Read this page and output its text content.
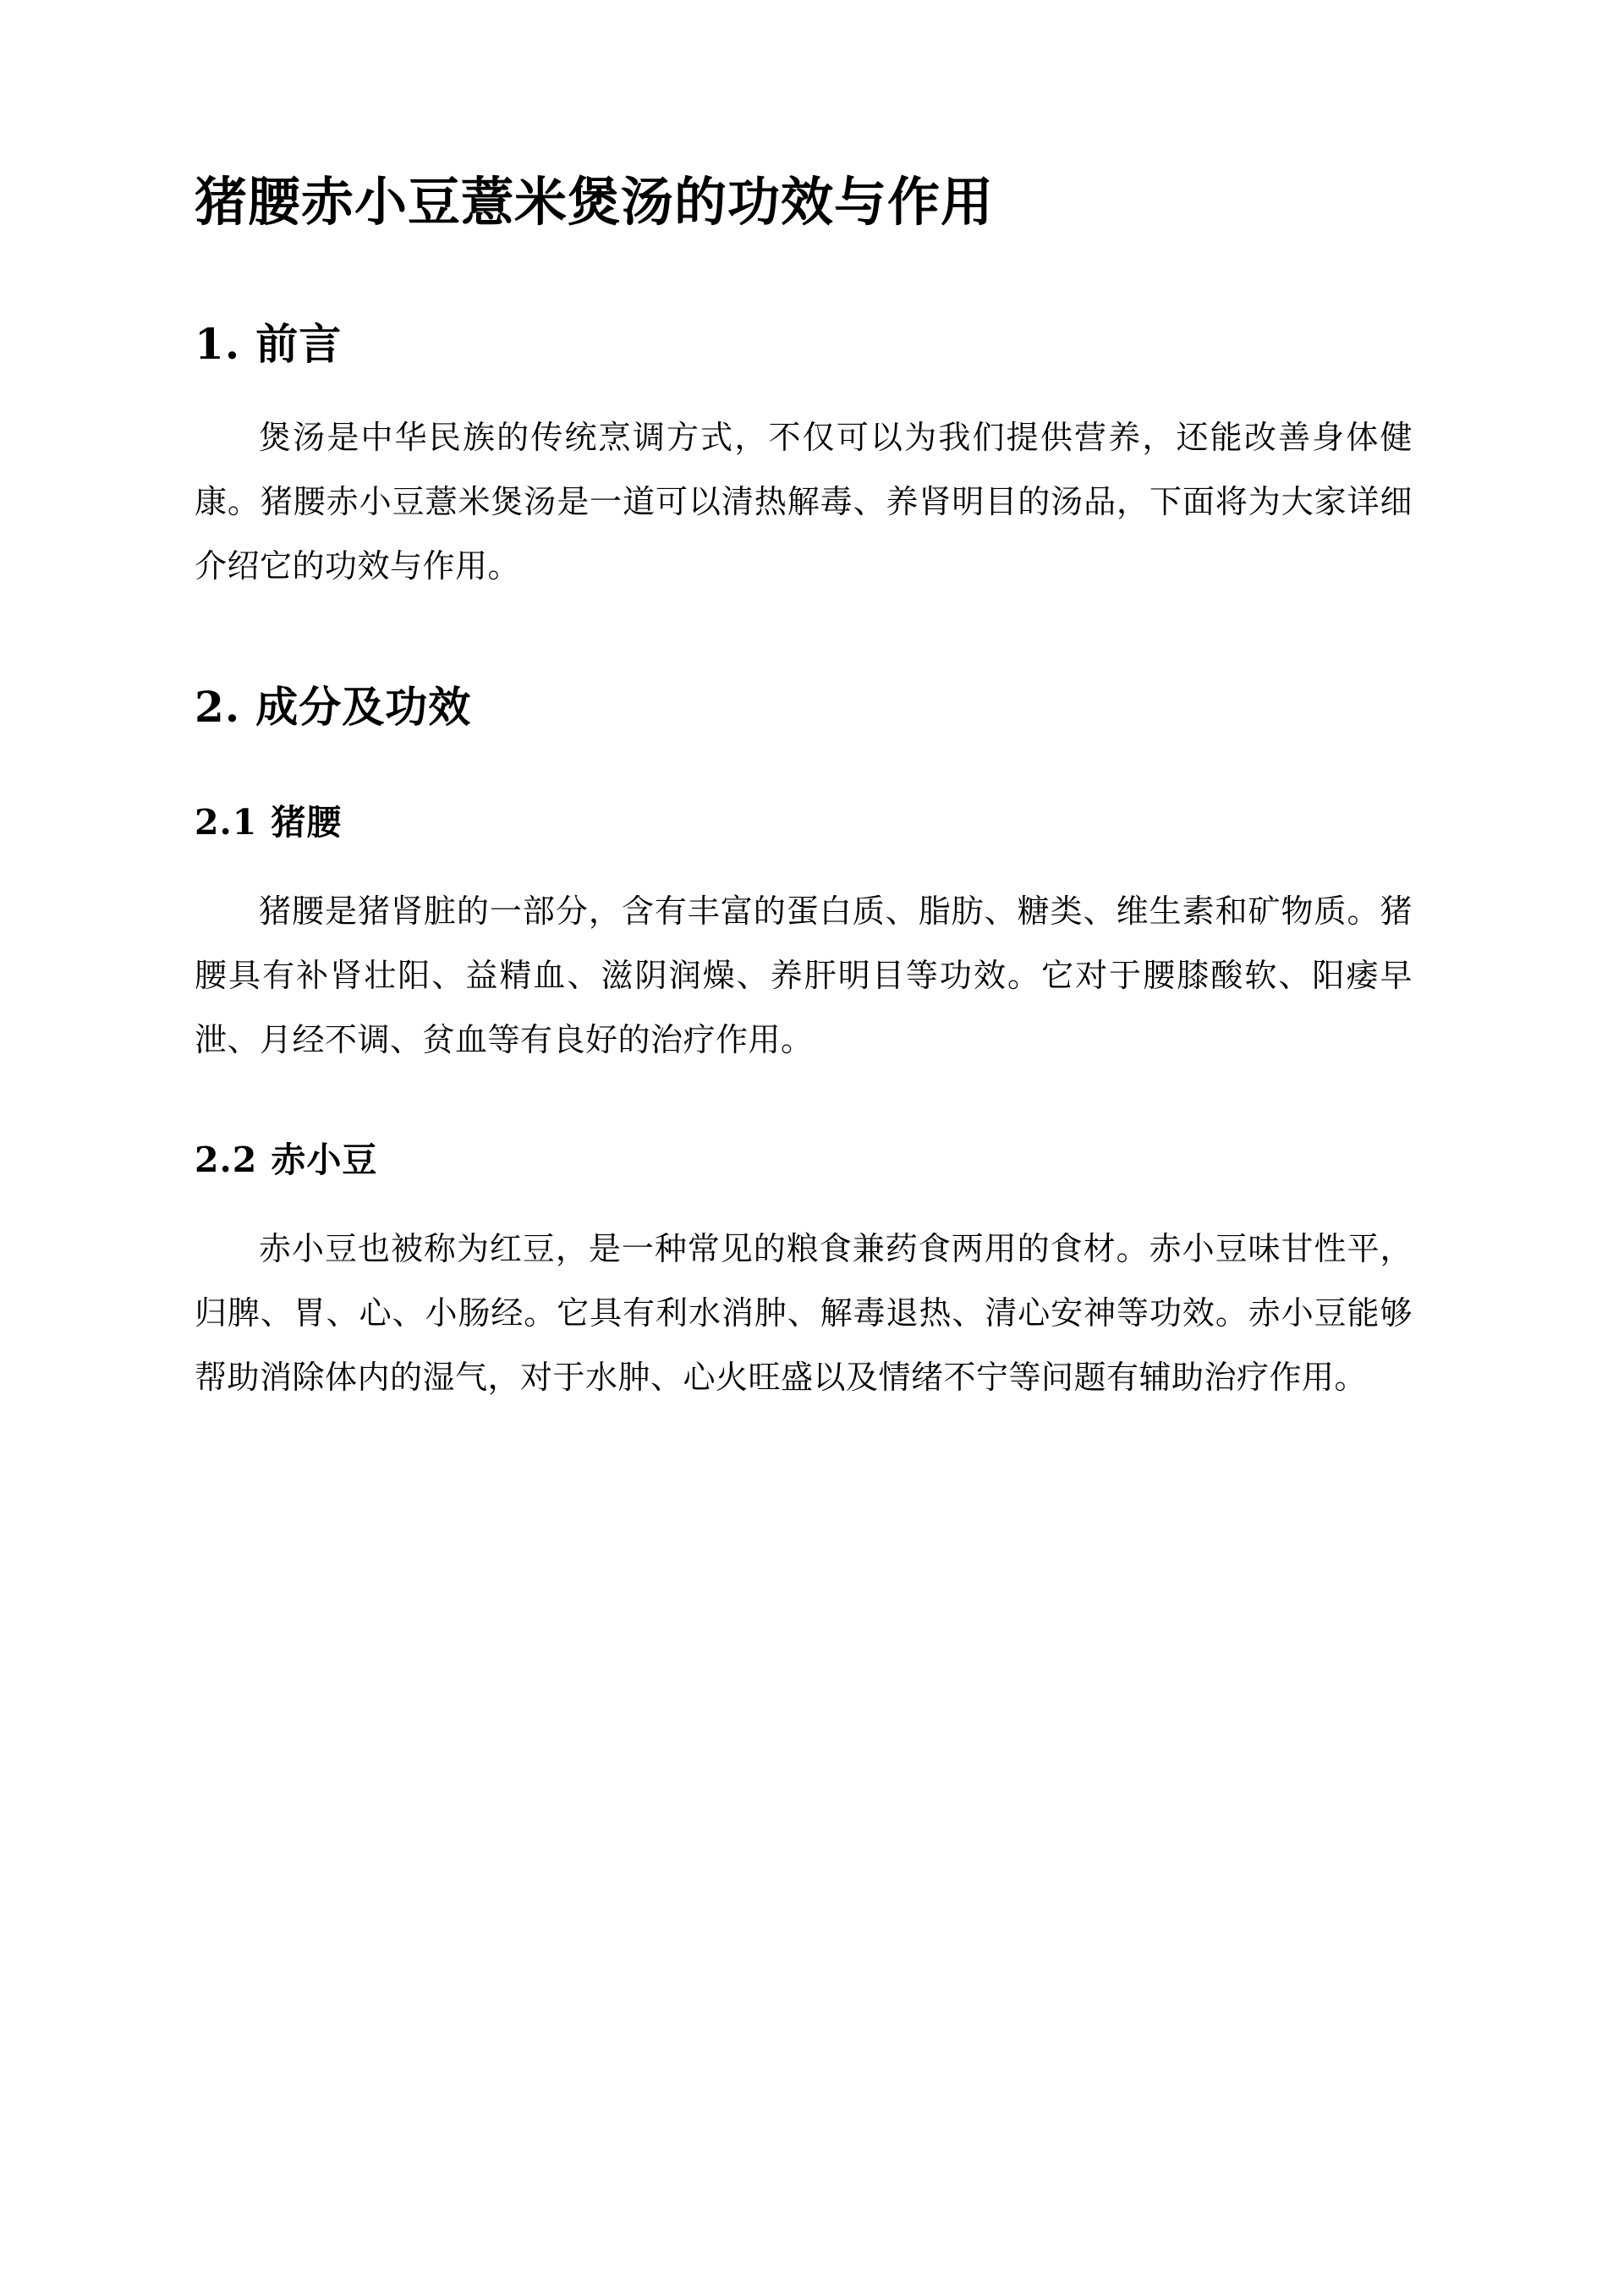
猪腰赤小豆薏米煲汤的功效与作用
1. 前言

煲汤是中华民族的传统烹调方式，不仅可以为我们提供营养，还能改善身体健康。猪腰赤小豆薏米煲汤是一道可以清热解毒、养肾明目的汤品，下面将为大家详细介绍它的功效与作用。

2. 成分及功效
2.1 猪腰

猪腰是猪肾脏的一部分，含有丰富的蛋白质、脂肪、糖类、维生素和矿物质。猪腰具有补肾壮阳、益精血、滋阴润燥、养肝明目等功效。它对于腰膝酸软、阳痿早泄、月经不调、贫血等有良好的治疗作用。

2.2 赤小豆

赤小豆也被称为红豆，是一种常见的粮食兼药食两用的食材。赤小豆味甘性平，归脾、胃、心、小肠经。它具有利水消肿、解毒退热、清心安神等功效。赤小豆能够帮助消除体内的湿气，对于水肿、心火旺盛以及情绪不宁等问题有辅助治疗作用。
